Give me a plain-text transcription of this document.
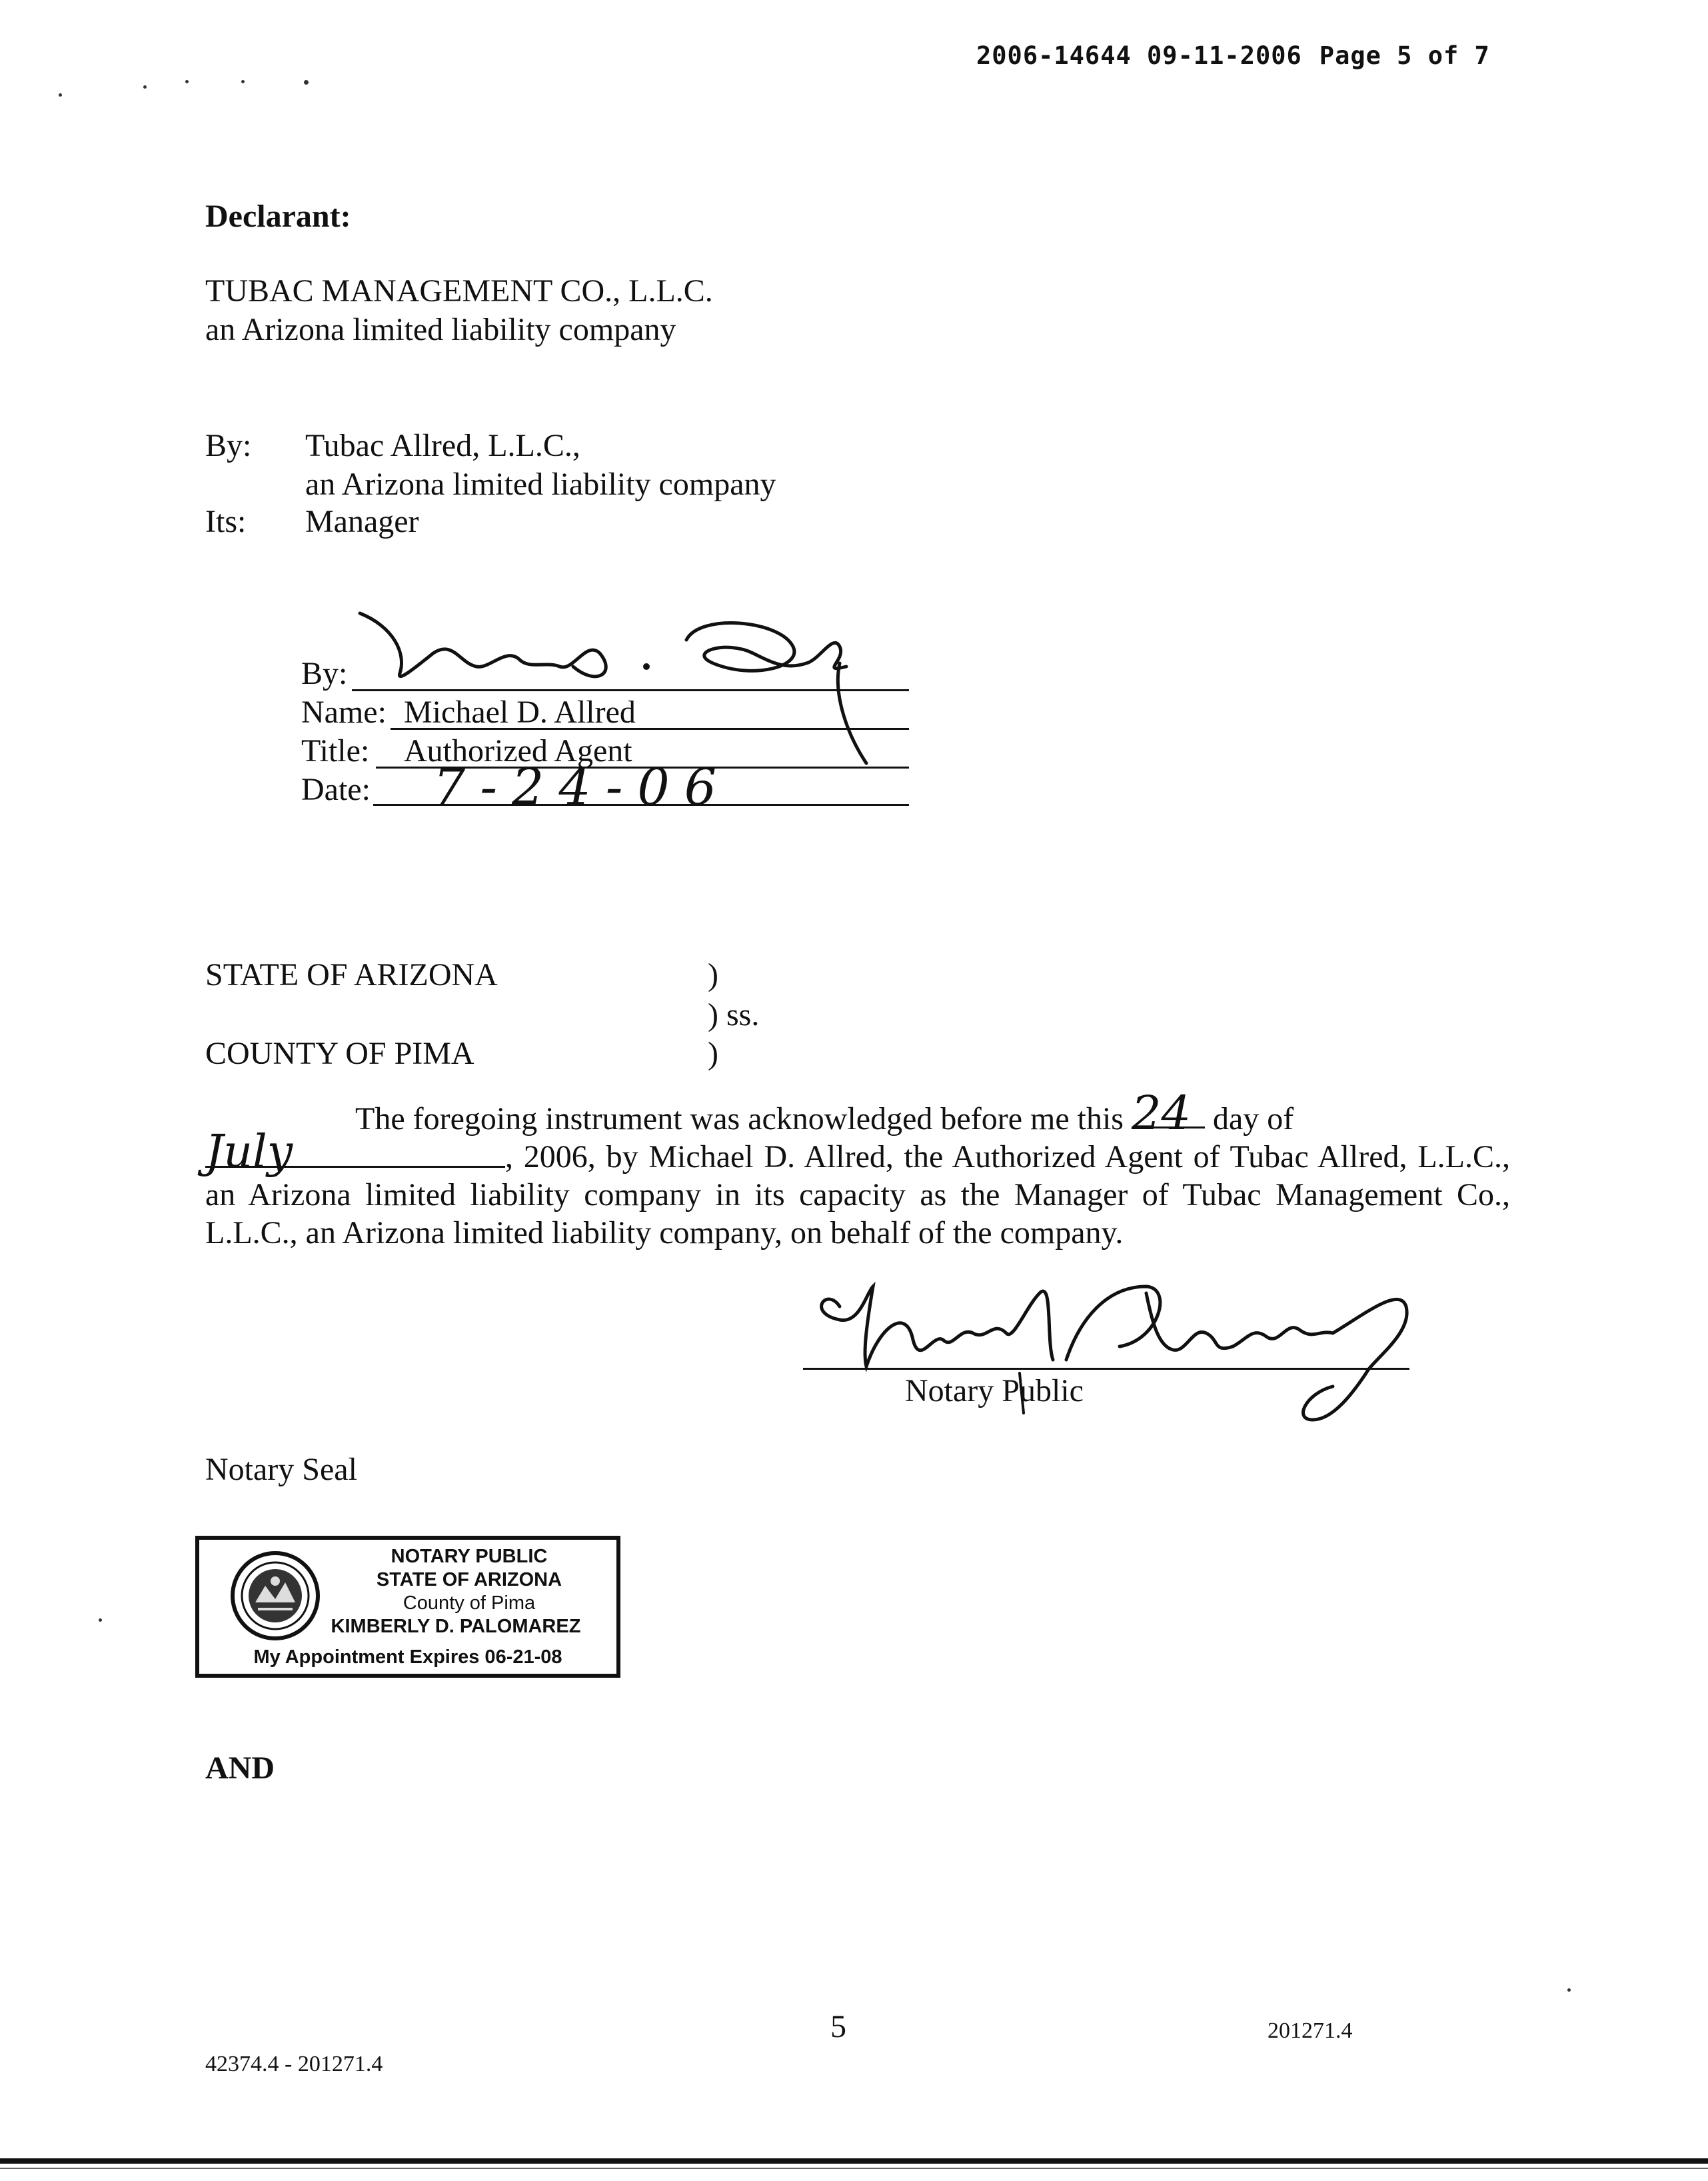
2006-14644 09-11-2006 Page 5 of 7
Declarant:
TUBAC MANAGEMENT CO., L.L.C.
an Arizona limited liability company
By: Tubac Allred, L.L.C.,
an Arizona limited liability company
Its: Manager
By:
Name: Michael D. Allred
Title: Authorized Agent
Date: 7-24-06
STATE OF ARIZONA	)
) ss.
COUNTY OF PIMA	)
The foregoing instrument was acknowledged before me this 24 day of
July	, 2006, by Michael D. Allred, the Authorized Agent of Tubac Allred, L.L.C., an Arizona limited liability company in its capacity as the Manager of Tubac Management Co., L.L.C., an Arizona limited liability company, on behalf of the company.
Notary Public
Notary Seal
NOTARY PUBLIC
STATE OF ARIZONA
County of Pima
KIMBERLY D. PALOMAREZ
My Appointment Expires 06-21-08
AND
5	201271.4
42374.4 - 201271.4
